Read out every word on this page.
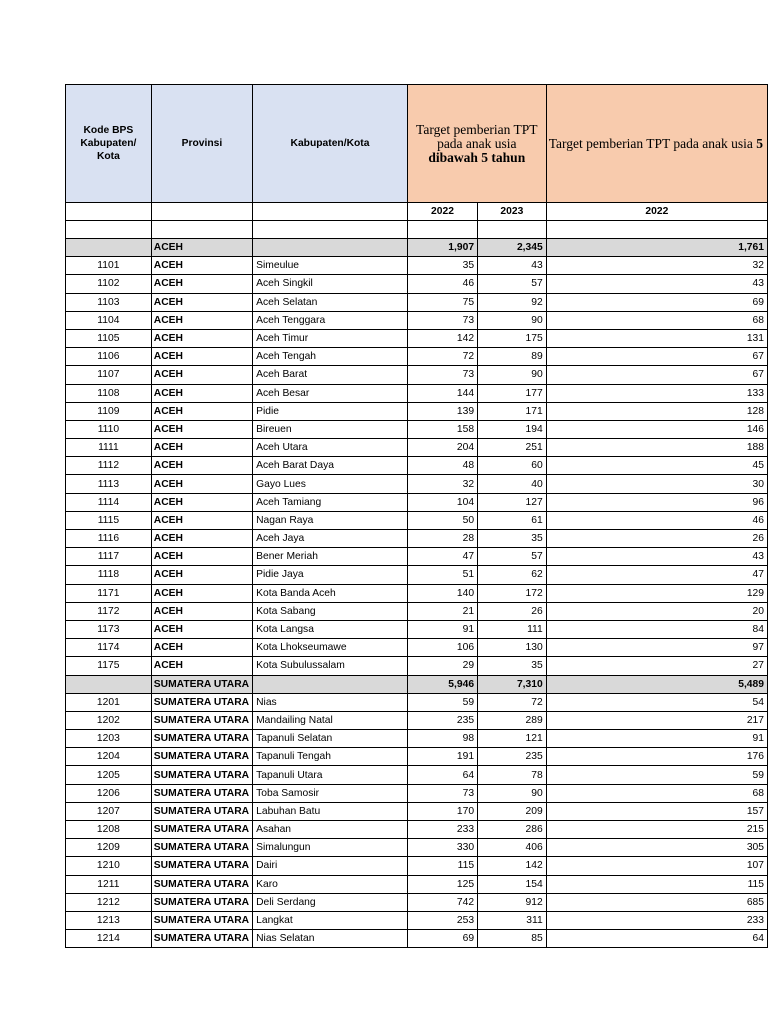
Kode BPS Kabupaten/ Kota	Provinsi	Kabupaten/Kota	Target pemberian TPT pada anak usia dibawah 5 tahun		Target pemberian TPT pada anak usia 5
			2022	2023	2022

	ACEH		1,907	2,345	1,761
1101	ACEH	Simeulue	35	43	32
1102	ACEH	Aceh Singkil	46	57	43
1103	ACEH	Aceh Selatan	75	92	69
1104	ACEH	Aceh Tenggara	73	90	68
1105	ACEH	Aceh Timur	142	175	131
1106	ACEH	Aceh Tengah	72	89	67
1107	ACEH	Aceh Barat	73	90	67
1108	ACEH	Aceh Besar	144	177	133
1109	ACEH	Pidie	139	171	128
1110	ACEH	Bireuen	158	194	146
1111	ACEH	Aceh Utara	204	251	188
1112	ACEH	Aceh Barat Daya	48	60	45
1113	ACEH	Gayo Lues	32	40	30
1114	ACEH	Aceh Tamiang	104	127	96
1115	ACEH	Nagan Raya	50	61	46
1116	ACEH	Aceh Jaya	28	35	26
1117	ACEH	Bener Meriah	47	57	43
1118	ACEH	Pidie Jaya	51	62	47
1171	ACEH	Kota Banda Aceh	140	172	129
1172	ACEH	Kota Sabang	21	26	20
1173	ACEH	Kota Langsa	91	111	84
1174	ACEH	Kota Lhokseumawe	106	130	97
1175	ACEH	Kota Subulussalam	29	35	27
	SUMATERA UTARA		5,946	7,310	5,489
1201	SUMATERA UTARA	Nias	59	72	54
1202	SUMATERA UTARA	Mandailing Natal	235	289	217
1203	SUMATERA UTARA	Tapanuli Selatan	98	121	91
1204	SUMATERA UTARA	Tapanuli Tengah	191	235	176
1205	SUMATERA UTARA	Tapanuli Utara	64	78	59
1206	SUMATERA UTARA	Toba Samosir	73	90	68
1207	SUMATERA UTARA	Labuhan Batu	170	209	157
1208	SUMATERA UTARA	Asahan	233	286	215
1209	SUMATERA UTARA	Simalungun	330	406	305
1210	SUMATERA UTARA	Dairi	115	142	107
1211	SUMATERA UTARA	Karo	125	154	115
1212	SUMATERA UTARA	Deli Serdang	742	912	685
1213	SUMATERA UTARA	Langkat	253	311	233
1214	SUMATERA UTARA	Nias Selatan	69	85	64
